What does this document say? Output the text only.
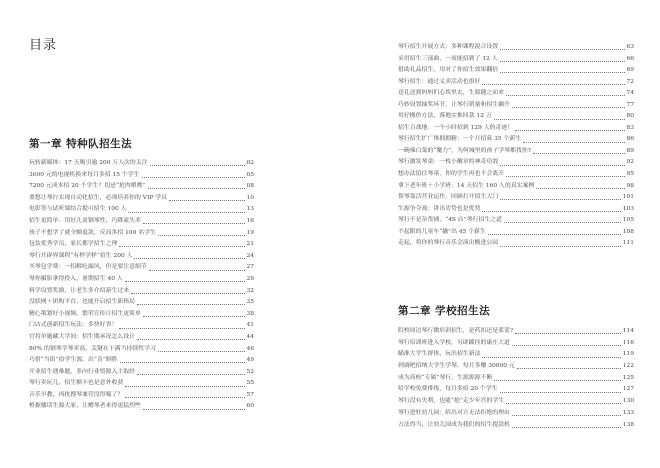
目录
第一章 特种队招生法
玩转新媒体：17 天吸引逾 200 万人次的关注	02
3000 元的电视机换来每月多招 15 个学生	05
7200 元成本招 20 个学生？切忌“抢肉喂鹰”	08
要想让琴行实现自动化招生，必须培养你的 VIP 学员	10
电影签与试听课结合提可招生 100 人	13
招生更简单：用好儿童钢琴性，巧降流失率	16
孩子不想学了就全额退款，反而多招 100 名学生	19
包装优秀学员，家长都学招生之理	21
琴行开辟界课程“有样学样”招生 200 人	24
买琴包学费：一招解吃漏风，但是要注意细节	27
琴你摄影拿得投入，暑期招生 40 人	29
料学设置奖励，让老生多介绍新生过来	32
没联网＋团购平台，也能开启招生新格局	35
精心策划好小视频，繁荣宣传让招生更简单	38
门店式创新招生玩法：多快好省！	41
官将单题藏大学间：招生期承况怎么设计	44
80% 的钢琴学琴率高，关键在于满当持续性学习	46
巧借“当街”拾学生源，出“奇”制胜	49
开业招生遇难题，多向行业资源入主取经	52
琴行卖玩儿，招生额丰也是意外收获	55
音乐早教，再扰搜琴兼营没得喘了？	57
橙握播话生源大家，让赠琴者来得更猛烈些	60
琴行招生开展方式：多种课程混合设置	63
采用招生三部曲，一周能招到了 12 人	66
借助礼品招生，用对了你招生效果翻倍	69
琴行招生：通过义卖活动也很好	72
送礼送到妈妈们心坎里去，生源随之而来	74
巧妙设置抽奖环节，让琴行销量和招生飙升	77
用好搬价方法，落地实推回款 12 万	80
招生百战地：一个小时招到 129 人的奇迹！	83
琴行招生扩广推拥拥精：一个月招募 35 个新生	86
一碗辣白菜的“魔力”，为何城里的孩子学琴都找你?	89
琴行激发琴童：一枚小徽章的神奇功效	92
想办法留住琴童，你的学生再也不会离开	95
拿下老年班＋小学班：14 天招生 160 人的真实案例	98
帮琴靠活营业运作，回顾打开招生大门	101
生源争夺战：讲出劣势也是优势	103
琴行不是杂货铺，“4S 店”琴行招生之道	105
不起眼的儿童车“撬”出 45 个新生	108
走起，将你的琴行音乐会演出搬进公园	111
第二章 学校招生法
院校周边琴行微培训招生，是药扣还是蓝蔷?	114
琴行培训班进入学校，另辟蹊径的康庄大道	116
瞄准大学生群体，玩出招生新法	119
到调吧招纳大学生学琴，每月多赚 30000 元	122
成为高校“专属”琴行，生源源源不断	125
给学校免费排练，每月多招 20 个学生	127
琴行没有失利，也能“抢”走少年宫的学生	130
琴行进驻幼儿园：给出对方无法拒绝的理由	133
方法得当，让幼儿园成为我们的招生提款机	138
